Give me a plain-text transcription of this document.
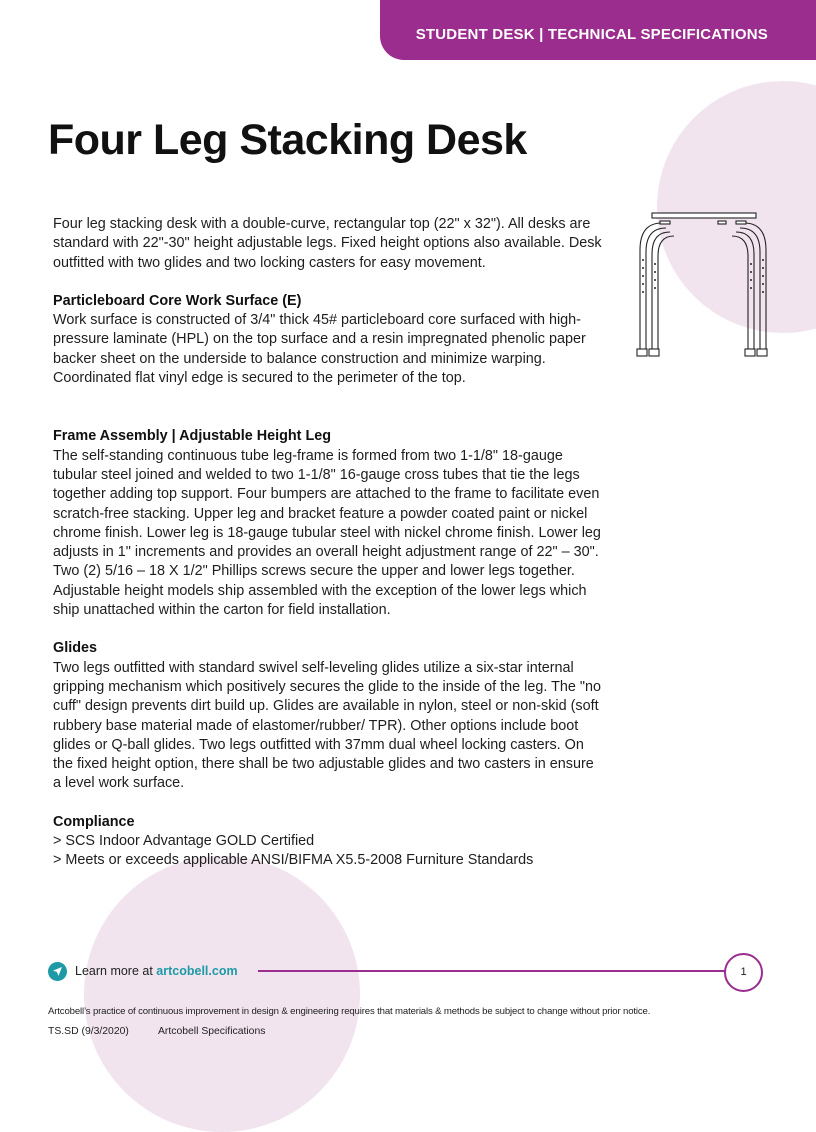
STUDENT DESK | TECHNICAL SPECIFICATIONS
Four Leg Stacking Desk

Four leg stacking desk with a double-curve, rectangular top (22" x 32"). All desks are standard with 22"-30" height adjustable legs. Fixed height options also available. Desk outfitted with two glides and two locking casters for easy movement.

Particleboard Core Work Surface (E)

Work surface is constructed of 3/4" thick 45# particleboard core surfaced with high-pressure laminate (HPL) on the top surface and a resin impregnated phenolic paper backer sheet on the underside to balance construction and minimize warping. Coordinated flat vinyl edge is secured to the perimeter of the top.

Frame Assembly | Adjustable Height Leg

The self-standing continuous tube leg-frame is formed from two 1-1/8" 18-gauge tubular steel joined and welded to two 1-1/8" 16-gauge cross tubes that tie the legs together adding top support. Four bumpers are attached to the frame to facilitate even scratch-free stacking. Upper leg and bracket feature a powder coated paint or nickel chrome finish. Lower leg is 18-gauge tubular steel with nickel chrome finish. Lower leg adjusts in 1" increments and provides an overall height adjustment range of 22" – 30". Two (2) 5/16 – 18 X 1/2" Phillips screws secure the upper and lower legs together. Adjustable height models ship assembled with the exception of the lower legs which ship unattached within the carton for field installation.

Glides

Two legs outfitted with standard swivel self-leveling glides utilize a six-star internal gripping mechanism which positively secures the glide to the inside of the leg. The "no cuff" design prevents dirt build up. Glides are available in nylon, steel or non-skid (soft rubbery base material made of elastomer/rubber/ TPR). Other options include boot glides or Q-ball glides. Two legs outfitted with 37mm dual wheel locking casters. On the fixed height option, there shall be two adjustable glides and two casters in ensure a level work surface.

Compliance

> SCS Indoor Advantage GOLD Certified

> Meets or exceeds applicable ANSI/BIFMA X5.5-2008 Furniture Standards

Learn more at artcobell.com	1
Artcobell’s practice of continuous improvement in design & engineering requires that materials & methods be subject to change without prior notice.
TS.SD (9/3/2020)	Artcobell Specifications
